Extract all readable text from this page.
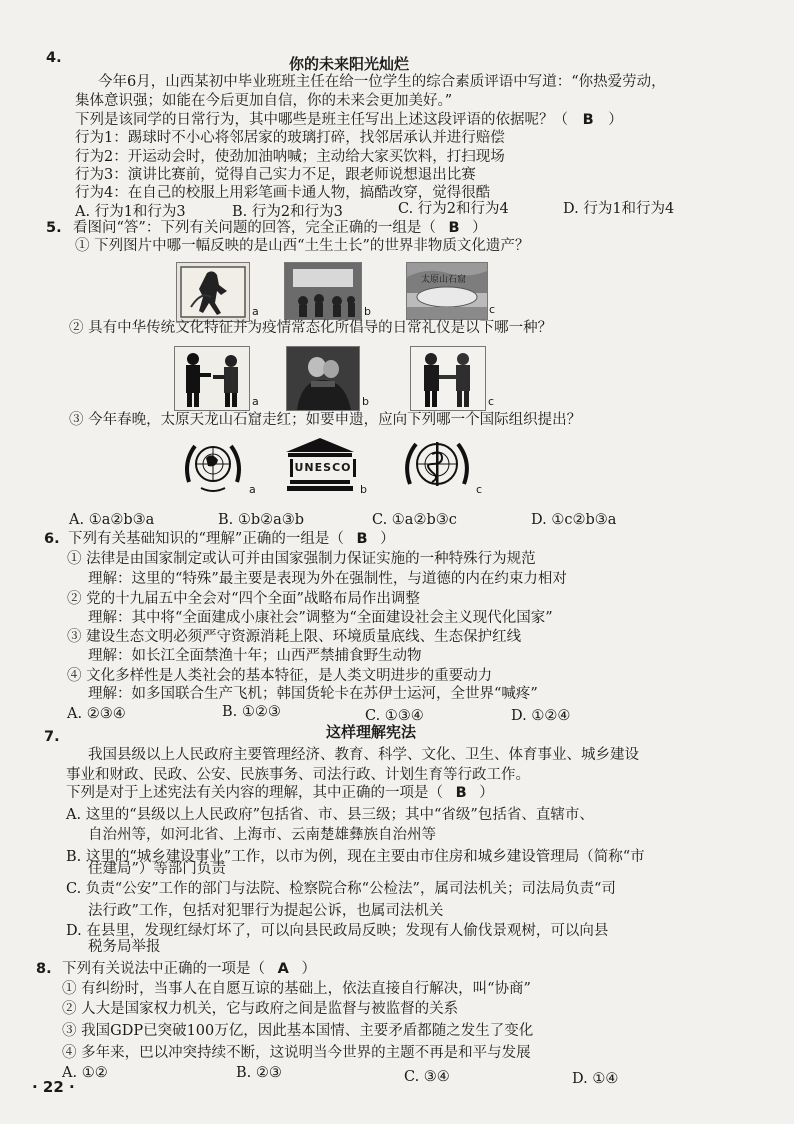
4.	你的未来阳光灿烂
今年6月，山西某初中毕业班班主任在给一位学生的综合素质评语中写道：“你热爱劳动，
集体意识强；如能在今后更加自信，你的未来会更加美好。”
下列是该同学的日常行为，其中哪些是班主任写出上述这段评语的依据呢？（ B ）
行为1：踢球时不小心将邻居家的玻璃打碎，找邻居承认并进行赔偿
行为2：开运动会时，使劲加油呐喊；主动给大家买饮料，打扫现场
行为3：演讲比赛前，觉得自己实力不足，跟老师说想退出比赛
行为4：在自己的校服上用彩笔画卡通人物，搞酷改穿，觉得很酷
A. 行为1和行为3	B. 行为2和行为3	C. 行为2和行为4	D. 行为1和行为4
5. 看图问“答”：下列有关问题的回答，完全正确的一组是（ B ）
① 下列图片中哪一幅反映的是山西“土生土长”的世界非物质文化遗产？
a	b
太原山石窟
c
② 具有中华传统文化特征并为疫情常态化所倡导的日常礼仪是以下哪一种？
a	b	c
③ 今年春晚，太原天龙山石窟走红；如要申遗，应向下列哪一个国际组织提出？
a
UNESCO
b	c
A. ①a②b③a	B. ①b②a③b	C. ①a②b③c	D. ①c②b③a
6. 下列有关基础知识的“理解”正确的一组是（ B ）
① 法律是由国家制定或认可并由国家强制力保证实施的一种特殊行为规范
理解：这里的“特殊”最主要是表现为外在强制性，与道德的内在约束力相对
② 党的十九届五中全会对“四个全面”战略布局作出调整
理解：其中将“全面建成小康社会”调整为“全面建设社会主义现代化国家”
③ 建设生态文明必须严守资源消耗上限、环境质量底线、生态保护红线
理解：如长江全面禁渔十年；山西严禁捕食野生动物
④ 文化多样性是人类社会的基本特征，是人类文明进步的重要动力
理解：如多国联合生产飞机；韩国货轮卡在苏伊士运河，全世界“喊疼”
A. ②③④	B. ①②③	C. ①③④	D. ①②④
这样理解宪法
7.
我国县级以上人民政府主要管理经济、教育、科学、文化、卫生、体育事业、城乡建设
事业和财政、民政、公安、民族事务、司法行政、计划生育等行政工作。
下列是对于上述宪法有关内容的理解，其中正确的一项是（ B ）
A. 这里的“县级以上人民政府”包括省、市、县三级；其中“省级”包括省、直辖市、
自治州等，如河北省、上海市、云南楚雄彝族自治州等
B. 这里的“城乡建设事业”工作，以市为例，现在主要由市住房和城乡建设管理局（简称“市
住建局”）等部门负责
C. 负责“公安”工作的部门与法院、检察院合称“公检法”，属司法机关；司法局负责“司
法行政”工作，包括对犯罪行为提起公诉，也属司法机关
D. 在县里，发现红绿灯坏了，可以向县民政局反映；发现有人偷伐景观树，可以向县
税务局举报
8. 下列有关说法中正确的一项是（ A ）
① 有纠纷时，当事人在自愿互谅的基础上，依法直接自行解决，叫“协商”
② 人大是国家权力机关，它与政府之间是监督与被监督的关系
③ 我国GDP已突破100万亿，因此基本国情、主要矛盾都随之发生了变化
④ 多年来，巴以冲突持续不断，这说明当今世界的主题不再是和平与发展
A. ①②	B. ②③	C. ③④	D. ①④
· 22 ·
